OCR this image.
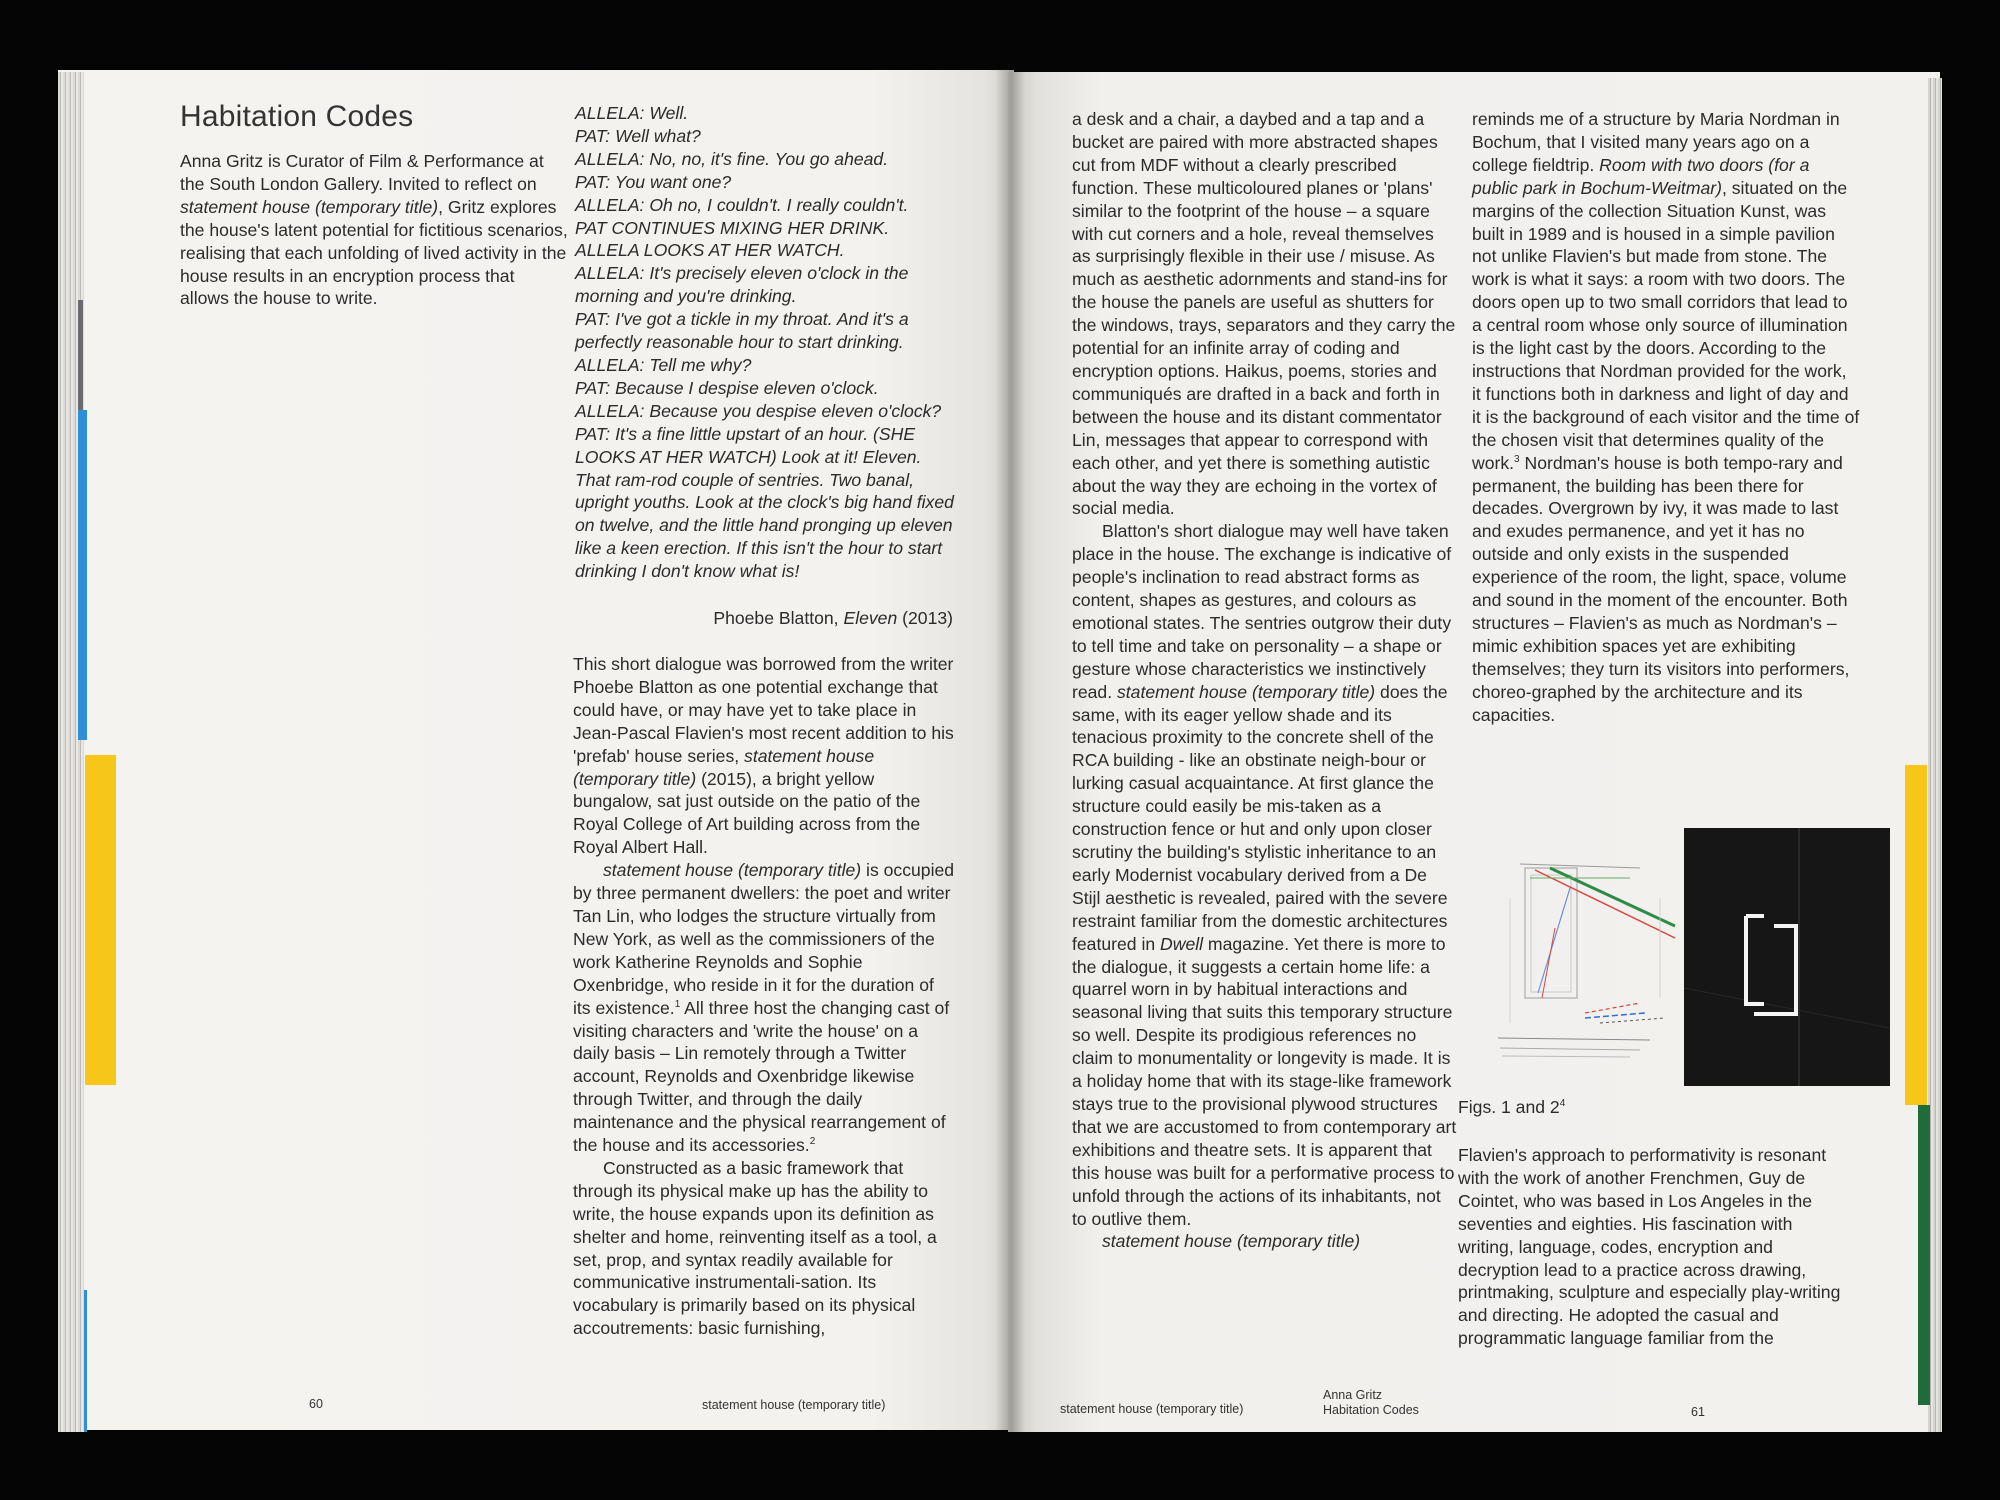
Habitation Codes
Anna Gritz is Curator of Film & Performance at the South London Gallery. Invited to reflect on statement house (temporary title), Gritz explores the house's latent potential for fictitious scenarios, realising that each unfolding of lived activity in the house results in an encryption process that allows the house to write.

ALLELA: Well.

PAT: Well what?

ALLELA: No, no, it's fine. You go ahead.

PAT: You want one?

ALLELA: Oh no, I couldn't. I really couldn't.

PAT CONTINUES MIXING HER DRINK. ALLELA LOOKS AT HER WATCH.

ALLELA: It's precisely eleven o'clock in the morning and you're drinking.

PAT: I've got a tickle in my throat. And it's a perfectly reasonable hour to start drinking.

ALLELA: Tell me why?

PAT: Because I despise eleven o'clock.

ALLELA: Because you despise eleven o'clock?

PAT: It's a fine little upstart of an hour. (SHE LOOKS AT HER WATCH) Look at it! Eleven. That ram-rod couple of sentries. Two banal, upright youths. Look at the clock's big hand fixed on twelve, and the little hand pronging up eleven like a keen erection. If this isn't the hour to start drinking I don't know what is!

Phoebe Blatton, Eleven (2013)

This short dialogue was borrowed from the writer Phoebe Blatton as one potential exchange that could have, or may have yet to take place in Jean-Pascal Flavien's most recent addition to his 'prefab' house series, statement house (temporary title) (2015), a bright yellow bungalow, sat just outside on the patio of the Royal College of Art building across from the Royal Albert Hall.

statement house (temporary title) is occupied by three permanent dwellers: the poet and writer Tan Lin, who lodges the structure virtually from New York, as well as the commissioners of the work Katherine Reynolds and Sophie Oxenbridge, who reside in it for the duration of its existence.$^1$ All three host the changing cast of visiting characters and 'write the house' on a daily basis – Lin remotely through a Twitter account, Reynolds and Oxenbridge likewise through Twitter, and through the daily maintenance and the physical rearrangement of the house and its accessories.$^2$

Constructed as a basic framework that through its physical make up has the ability to write, the house expands upon its definition as shelter and home, reinventing itself as a tool, a set, prop, and syntax readily available for communicative instrumentali-sation. Its vocabulary is primarily based on its physical accoutrements: basic furnishing,

60	statement house (temporary title)

a desk and a chair, a daybed and a tap and a bucket are paired with more abstracted shapes cut from MDF without a clearly prescribed function. These multicoloured planes or 'plans' similar to the footprint of the house – a square with cut corners and a hole, reveal themselves as surprisingly flexible in their use / misuse. As much as aesthetic adornments and stand-ins for the house the panels are useful as shutters for the windows, trays, separators and they carry the potential for an infinite array of coding and encryption options. Haikus, poems, stories and communiqués are drafted in a back and forth in between the house and its distant commentator Lin, messages that appear to correspond with each other, and yet there is something autistic about the way they are echoing in the vortex of social media.

Blatton's short dialogue may well have taken place in the house. The exchange is indicative of people's inclination to read abstract forms as content, shapes as gestures, and colours as emotional states. The sentries outgrow their duty to tell time and take on personality – a shape or gesture whose characteristics we instinctively read. statement house (temporary title) does the same, with its eager yellow shade and its tenacious proximity to the concrete shell of the RCA building - like an obstinate neigh-bour or lurking casual acquaintance. At first glance the structure could easily be mis-taken as a construction fence or hut and only upon closer scrutiny the building's stylistic inheritance to an early Modernist vocabulary derived from a De Stijl aesthetic is revealed, paired with the severe restraint familiar from the domestic architectures featured in Dwell magazine. Yet there is more to the dialogue, it suggests a certain home life: a quarrel worn in by habitual interactions and seasonal living that suits this temporary structure so well. Despite its prodigious references no claim to monumentality or longevity is made. It is a holiday home that with its stage-like framework stays true to the provisional plywood structures that we are accustomed to from contemporary art exhibitions and theatre sets. It is apparent that this house was built for a performative process to unfold through the actions of its inhabitants, not to outlive them.

statement house (temporary title)

reminds me of a structure by Maria Nordman in Bochum, that I visited many years ago on a college fieldtrip. Room with two doors (for a public park in Bochum-Weitmar), situated on the margins of the collection Situation Kunst, was built in 1989 and is housed in a simple pavilion not unlike Flavien's but made from stone. The work is what it says: a room with two doors. The doors open up to two small corridors that lead to a central room whose only source of illumination is the light cast by the doors. According to the instructions that Nordman provided for the work, it functions both in darkness and light of day and it is the background of each visitor and the time of the chosen visit that determines quality of the work.$^3$ Nordman's house is both tempo-rary and permanent, the building has been there for decades. Overgrown by ivy, it was made to last and exudes permanence, and yet it has no outside and only exists in the suspended experience of the room, the light, space, volume and sound in the moment of the encounter. Both structures – Flavien's as much as Nordman's – mimic exhibition spaces yet are exhibiting themselves; they turn its visitors into performers, choreo-graphed by the architecture and its capacities.

Figs. 1 and $2^4$

Flavien's approach to performativity is resonant with the work of another Frenchmen, Guy de Cointet, who was based in Los Angeles in the seventies and eighties. His fascination with writing, language, codes, encryption and decryption lead to a practice across drawing, printmaking, sculpture and especially play-writing and directing. He adopted the casual and programmatic language familiar from the

statement house (temporary title)
Anna Gritz
Habitation Codes	61
